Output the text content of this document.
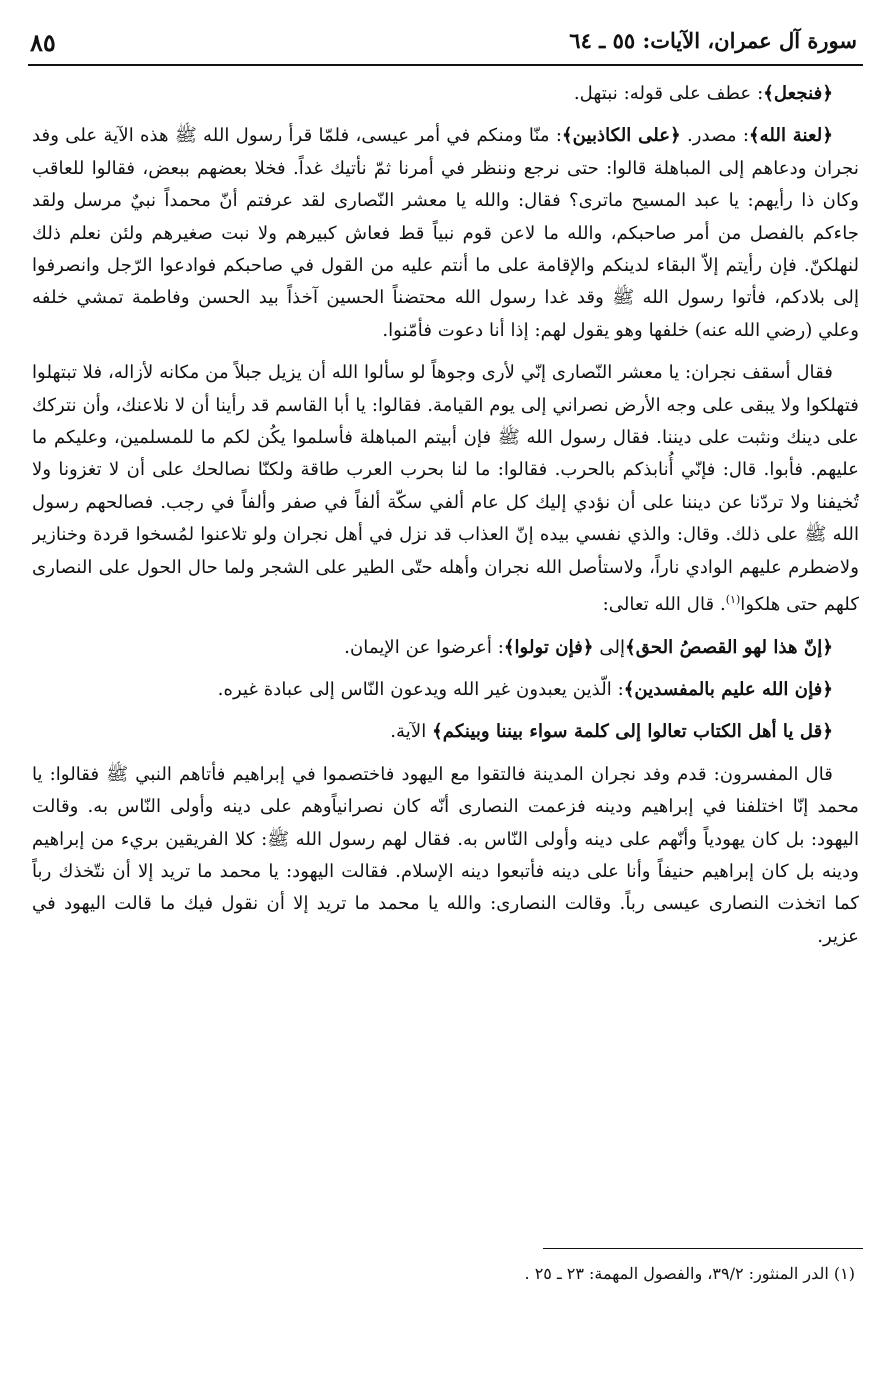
سورة آل عمران، الآيات: ٥٥ ـ ٦٤
٨٥

﴿فنجعل﴾: عطف على قوله: نبتهل.

﴿لعنة الله﴾: مصدر. ﴿على الكاذبين﴾: منّا ومنكم في أمر عيسى، فلمّا قرأ رسول الله ﷺ هذه الآية على وفد نجران ودعاهم إلى المباهلة قالوا: حتى نرجع وننظر في أمرنا ثمّ نأتيك غداً. فخلا بعضهم ببعض، فقالوا للعاقب وكان ذا رأيهم: يا عبد المسيح ماترى؟ فقال: والله يا معشر النّصارى لقد عرفتم أنّ محمداً نبيٌ مرسل ولقد جاءكم بالفصل من أمر صاحبكم، والله ما لاعن قوم نبياً قط فعاش كبيرهم ولا نبت صغيرهم ولئن نعلم ذلك لنهلكنّ. فإن رأيتم إلاّ البقاء لدينكم والإقامة على ما أنتم عليه من القول في صاحبكم فوادعوا الرّجل وانصرفوا إلى بلادكم، فأتوا رسول الله ﷺ وقد غدا رسول الله محتضناً الحسين آخذاً بيد الحسن وفاطمة تمشي خلفه وعلي (رضي الله عنه) خلفها وهو يقول لهم: إذا أنا دعوت فأمّنوا.

فقال أسقف نجران: يا معشر النّصارى إنّي لأرى وجوهاً لو سألوا الله أن يزيل جبلاً من مكانه لأزاله، فلا تبتهلوا فتهلكوا ولا يبقى على وجه الأرض نصراني إلى يوم القيامة. فقالوا: يا أبا القاسم قد رأينا أن لا نلاعنك، وأن نتركك على دينك ونثبت على ديننا. فقال رسول الله ﷺ فإن أبيتم المباهلة فأسلموا يكُن لكم ما للمسلمين، وعليكم ما عليهم. فأبوا. قال: فإنّي أُنابذكم بالحرب. فقالوا: ما لنا بحرب العرب طاقة ولكنّا نصالحك على أن لا تغزونا ولا تُخيفنا ولا تردّنا عن ديننا على أن نؤدي إليك كل عام ألفي سكّة ألفاً في صفر وألفاً في رجب. فصالحهم رسول الله ﷺ على ذلك. وقال: والذي نفسي بيده إنّ العذاب قد نزل في أهل نجران ولو تلاعنوا لمُسخوا قردة وخنازير ولاضطرم عليهم الوادي ناراً، ولاستأصل الله نجران وأهله حتّى الطير على الشجر ولما حال الحول على النصارى كلهم حتى هلكوا$^{(١)}$. قال الله تعالى:

﴿إنّ هذا لهو القصصُ الحق﴾إلى ﴿فإن تولوا﴾: أعرضوا عن الإيمان.

﴿فإن الله عليم بالمفسدين﴾: الّذين يعبدون غير الله ويدعون النّاس إلى عبادة غيره.

﴿قل يا أهل الكتاب تعالوا إلى كلمة سواء بيننا وبينكم﴾ الآية.

قال المفسرون: قدم وفد نجران المدينة فالتقوا مع اليهود فاختصموا في إبراهيم فأتاهم النبي ﷺ فقالوا: يا محمد إنّا اختلفنا في إبراهيم ودينه فزعمت النصارى أنّه كان نصرانياًوهم على دينه وأولى النّاس به. وقالت اليهود: بل كان يهودياً وأنّهم على دينه وأولى النّاس به. فقال لهم رسول الله ﷺ: كلا الفريقين بريء من إبراهيم ودينه بل كان إبراهيم حنيفاً وأنا على دينه فأتبعوا دينه الإسلام. فقالت اليهود: يا محمد ما تريد إلا أن نتّخذك رباً كما اتخذت النصارى عيسى رباً. وقالت النصارى: والله يا محمد ما تريد إلا أن نقول فيك ما قالت اليهود في عزير.

(١) الدر المنثور: ٣٩/٢، والفصول المهمة: ٢٣ ـ ٢٥ .
